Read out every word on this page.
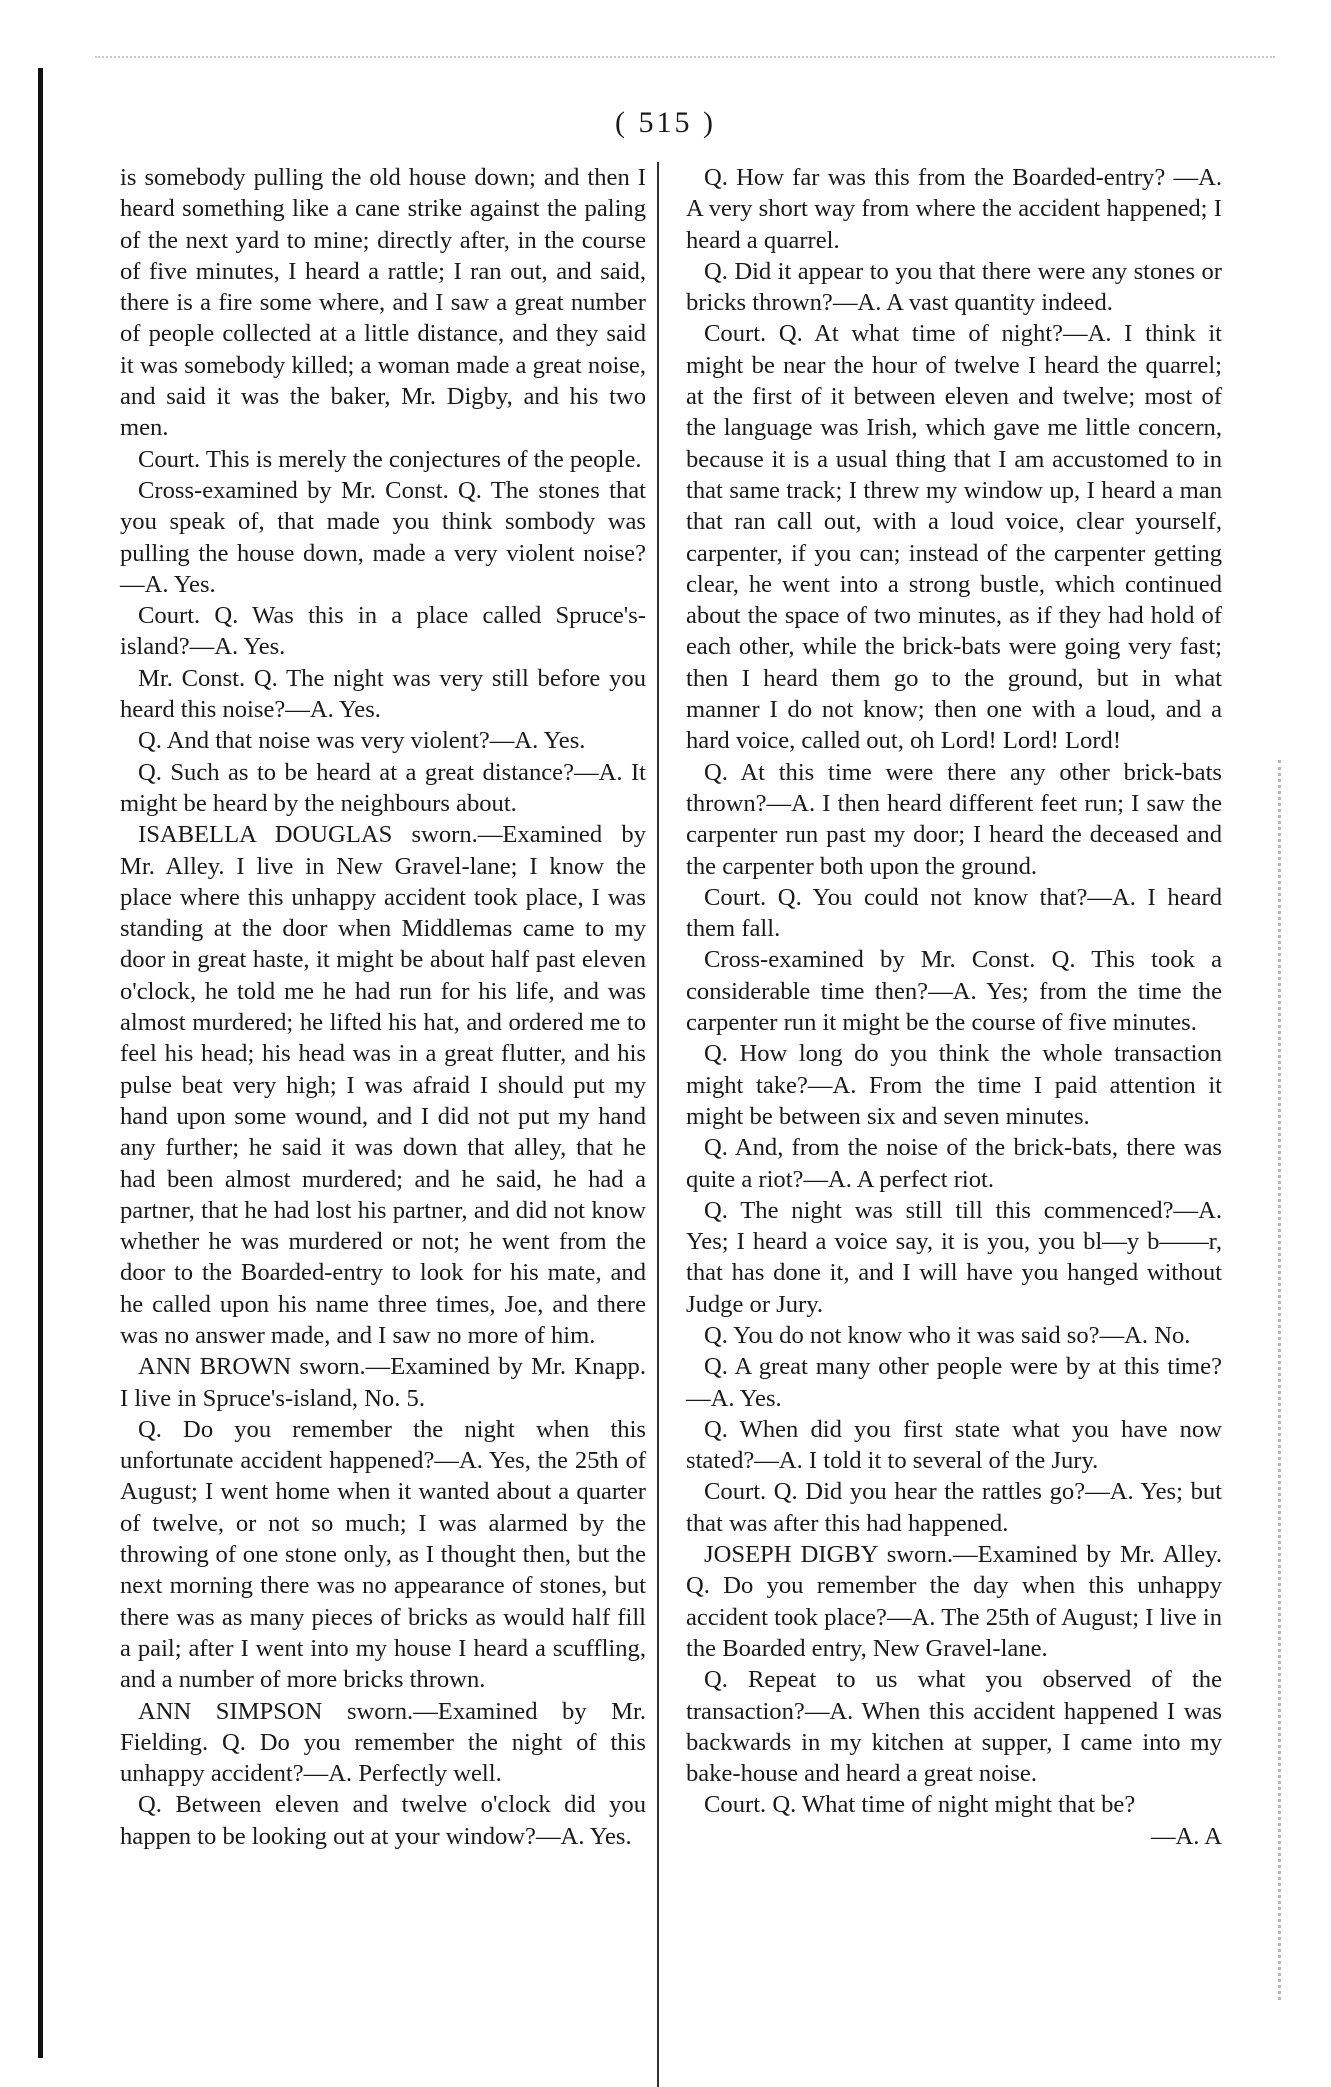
( 515 )

is somebody pulling the old house down; and then I heard something like a cane strike against the paling of the next yard to mine; directly after, in the course of five minutes, I heard a rattle; I ran out, and said, there is a fire some where, and I saw a great number of people collected at a little distance, and they said it was somebody killed; a woman made a great noise, and said it was the baker, Mr. Digby, and his two men.

Court. This is merely the conjectures of the people.

Cross-examined by Mr. Const. Q. The stones that you speak of, that made you think sombody was pulling the house down, made a very violent noise? —A. Yes.

Court. Q. Was this in a place called Spruce's-island?—A. Yes.

Mr. Const. Q. The night was very still before you heard this noise?—A. Yes.

Q. And that noise was very violent?—A. Yes.

Q. Such as to be heard at a great distance?—A. It might be heard by the neighbours about.

ISABELLA DOUGLAS sworn.—Examined by Mr. Alley. I live in New Gravel-lane; I know the place where this unhappy accident took place, I was standing at the door when Middlemas came to my door in great haste, it might be about half past eleven o'clock, he told me he had run for his life, and was almost murdered; he lifted his hat, and ordered me to feel his head; his head was in a great flutter, and his pulse beat very high; I was afraid I should put my hand upon some wound, and I did not put my hand any further; he said it was down that alley, that he had been almost murdered; and he said, he had a partner, that he had lost his partner, and did not know whether he was murdered or not; he went from the door to the Boarded-entry to look for his mate, and he called upon his name three times, Joe, and there was no answer made, and I saw no more of him.

ANN BROWN sworn.—Examined by Mr. Knapp. I live in Spruce's-island, No. 5.

Q. Do you remember the night when this unfortunate accident happened?—A. Yes, the 25th of August; I went home when it wanted about a quarter of twelve, or not so much; I was alarmed by the throwing of one stone only, as I thought then, but the next morning there was no appearance of stones, but there was as many pieces of bricks as would half fill a pail; after I went into my house I heard a scuffling, and a number of more bricks thrown.

ANN SIMPSON sworn.—Examined by Mr. Fielding. Q. Do you remember the night of this unhappy accident?—A. Perfectly well.

Q. Between eleven and twelve o'clock did you happen to be looking out at your window?—A. Yes.

Q. How far was this from the Boarded-entry? —A. A very short way from where the accident happened; I heard a quarrel.

Q. Did it appear to you that there were any stones or bricks thrown?—A. A vast quantity indeed.

Court. Q. At what time of night?—A. I think it might be near the hour of twelve I heard the quarrel; at the first of it between eleven and twelve; most of the language was Irish, which gave me little concern, because it is a usual thing that I am accustomed to in that same track; I threw my window up, I heard a man that ran call out, with a loud voice, clear yourself, carpenter, if you can; instead of the carpenter getting clear, he went into a strong bustle, which continued about the space of two minutes, as if they had hold of each other, while the brick-bats were going very fast; then I heard them go to the ground, but in what manner I do not know; then one with a loud, and a hard voice, called out, oh Lord! Lord! Lord!

Q. At this time were there any other brick-bats thrown?—A. I then heard different feet run; I saw the carpenter run past my door; I heard the deceased and the carpenter both upon the ground.

Court. Q. You could not know that?—A. I heard them fall.

Cross-examined by Mr. Const. Q. This took a considerable time then?—A. Yes; from the time the carpenter run it might be the course of five minutes.

Q. How long do you think the whole transaction might take?—A. From the time I paid attention it might be between six and seven minutes.

Q. And, from the noise of the brick-bats, there was quite a riot?—A. A perfect riot.

Q. The night was still till this commenced?—A. Yes; I heard a voice say, it is you, you bl—y b——r, that has done it, and I will have you hanged without Judge or Jury.

Q. You do not know who it was said so?—A. No.

Q. A great many other people were by at this time?—A. Yes.

Q. When did you first state what you have now stated?—A. I told it to several of the Jury.

Court. Q. Did you hear the rattles go?—A. Yes; but that was after this had happened.

JOSEPH DIGBY sworn.—Examined by Mr. Alley. Q. Do you remember the day when this unhappy accident took place?—A. The 25th of August; I live in the Boarded entry, New Gravel-lane.

Q. Repeat to us what you observed of the transaction?—A. When this accident happened I was backwards in my kitchen at supper, I came into my bake-house and heard a great noise.

Court. Q. What time of night might that be?

—A. A
